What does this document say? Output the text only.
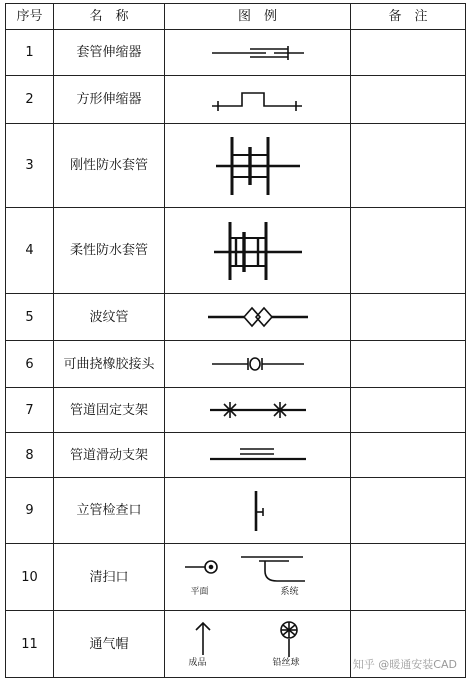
序号	名　称	图　例	备　注
1	套管伸缩器	

2	方形伸缩器	

3	刚性防水套管	

4	柔性防水套管	

5	波纹管	

6	可曲挠橡胶接头	

7	管道固定支架	

8	管道滑动支架	

9	立管检查口	

10	清扫口	平面 系统	

11	通气帽	成品 铅丝球	
		知乎 @暖通安装CAD
